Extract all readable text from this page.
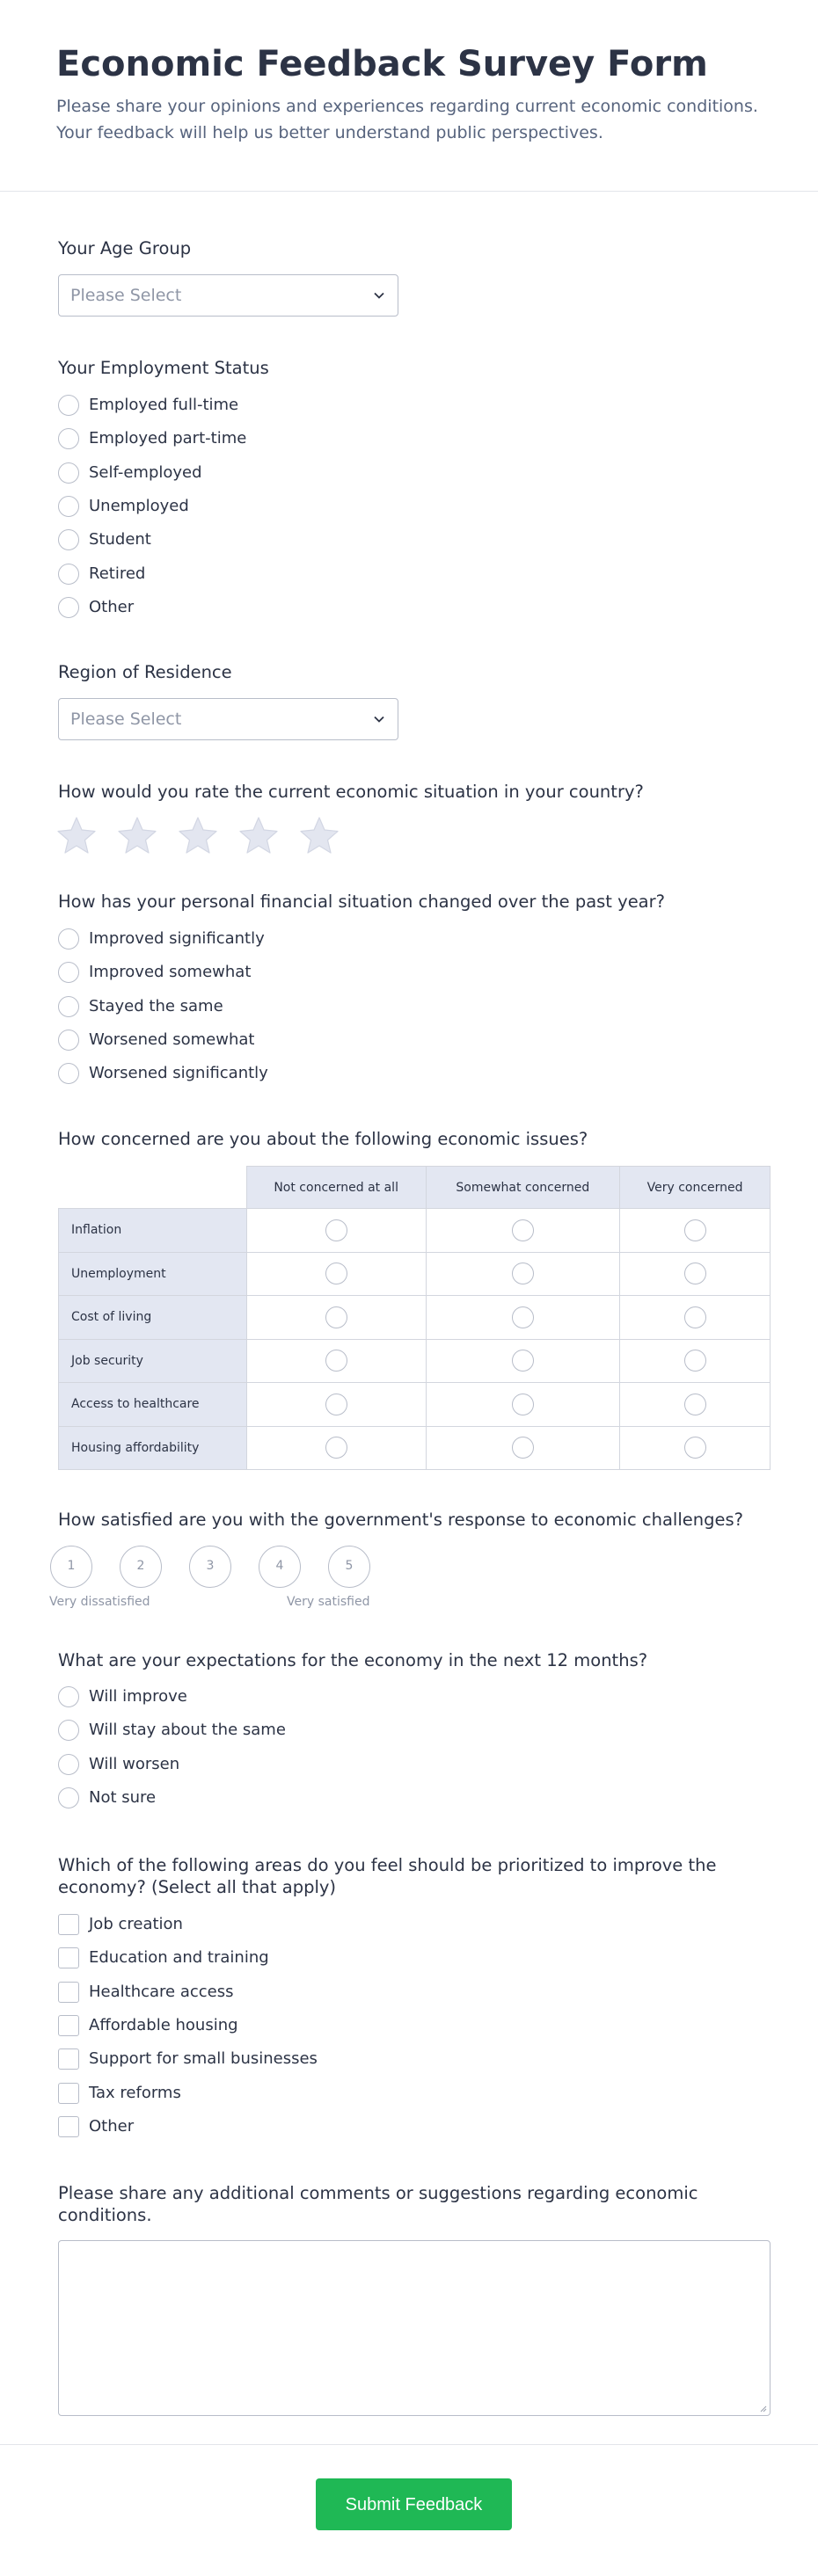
Economic Feedback Survey Form

Please share your opinions and experiences regarding current economic conditions.
Your feedback will help us better understand public perspectives.

Your Age Group

Please Select

Your Employment Status

Employed full-time
Employed part-time
Self-employed
Unemployed
Student
Retired
Other

Region of Residence

Please Select

How would you rate the current economic situation in your country?

How has your personal financial situation changed over the past year?

Improved significantly
Improved somewhat
Stayed the same
Worsened somewhat
Worsened significantly

How concerned are you about the following economic issues?

	Not concerned at all	Somewhat concerned	Very concerned
Inflation			
Unemployment			
Cost of living			
Job security			
Access to healthcare			
Housing affordability			

How satisfied are you with the government's response to economic challenges?

1	2	3	4	5
Very dissatisfied	Very satisfied

What are your expectations for the economy in the next 12 months?

Will improve
Will stay about the same
Will worsen
Not sure

Which of the following areas do you feel should be prioritized to improve the
economy? (Select all that apply)

Job creation
Education and training
Healthcare access
Affordable housing
Support for small businesses
Tax reforms
Other

Please share any additional comments or suggestions regarding economic
conditions.

Submit Feedback
